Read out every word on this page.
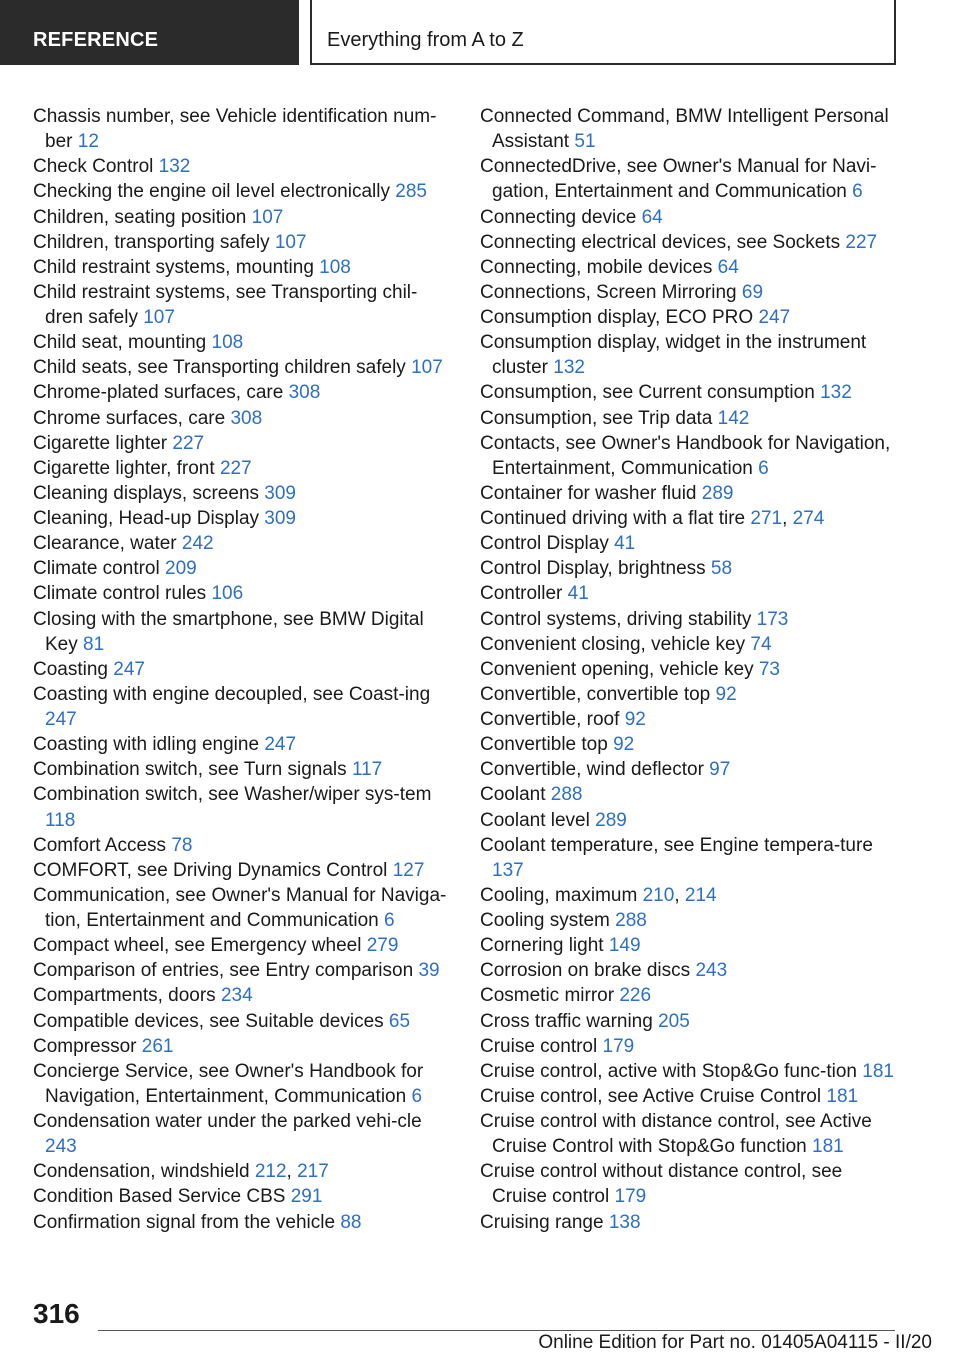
REFERENCE	Everything from A to Z
Chassis number, see Vehicle identification num-ber 12
Check Control 132
Checking the engine oil level electronically 285
Children, seating position 107
Children, transporting safely 107
Child restraint systems, mounting 108
Child restraint systems, see Transporting chil-dren safely 107
Child seat, mounting 108
Child seats, see Transporting children safely 107
Chrome-plated surfaces, care 308
Chrome surfaces, care 308
Cigarette lighter 227
Cigarette lighter, front 227
Cleaning displays, screens 309
Cleaning, Head-up Display 309
Clearance, water 242
Climate control 209
Climate control rules 106
Closing with the smartphone, see BMW Digital Key 81
Coasting 247
Coasting with engine decoupled, see Coast-ing 247
Coasting with idling engine 247
Combination switch, see Turn signals 117
Combination switch, see Washer/wiper sys-tem 118
Comfort Access 78
COMFORT, see Driving Dynamics Control 127
Communication, see Owner's Manual for Naviga-tion, Entertainment and Communication 6
Compact wheel, see Emergency wheel 279
Comparison of entries, see Entry comparison 39
Compartments, doors 234
Compatible devices, see Suitable devices 65
Compressor 261
Concierge Service, see Owner's Handbook for Navigation, Entertainment, Communication 6
Condensation water under the parked vehi-cle 243
Condensation, windshield 212, 217
Condition Based Service CBS 291
Confirmation signal from the vehicle 88
Connected Command, BMW Intelligent Personal Assistant 51
ConnectedDrive, see Owner's Manual for Navi-gation, Entertainment and Communication 6
Connecting device 64
Connecting electrical devices, see Sockets 227
Connecting, mobile devices 64
Connections, Screen Mirroring 69
Consumption display, ECO PRO 247
Consumption display, widget in the instrument cluster 132
Consumption, see Current consumption 132
Consumption, see Trip data 142
Contacts, see Owner's Handbook for Navigation, Entertainment, Communication 6
Container for washer fluid 289
Continued driving with a flat tire 271, 274
Control Display 41
Control Display, brightness 58
Controller 41
Control systems, driving stability 173
Convenient closing, vehicle key 74
Convenient opening, vehicle key 73
Convertible, convertible top 92
Convertible, roof 92
Convertible top 92
Convertible, wind deflector 97
Coolant 288
Coolant level 289
Coolant temperature, see Engine tempera-ture 137
Cooling, maximum 210, 214
Cooling system 288
Cornering light 149
Corrosion on brake discs 243
Cosmetic mirror 226
Cross traffic warning 205
Cruise control 179
Cruise control, active with Stop&Go func-tion 181
Cruise control, see Active Cruise Control 181
Cruise control with distance control, see Active Cruise Control with Stop&Go function 181
Cruise control without distance control, see Cruise control 179
Cruising range 138
316
Online Edition for Part no. 01405A04115 - II/20
